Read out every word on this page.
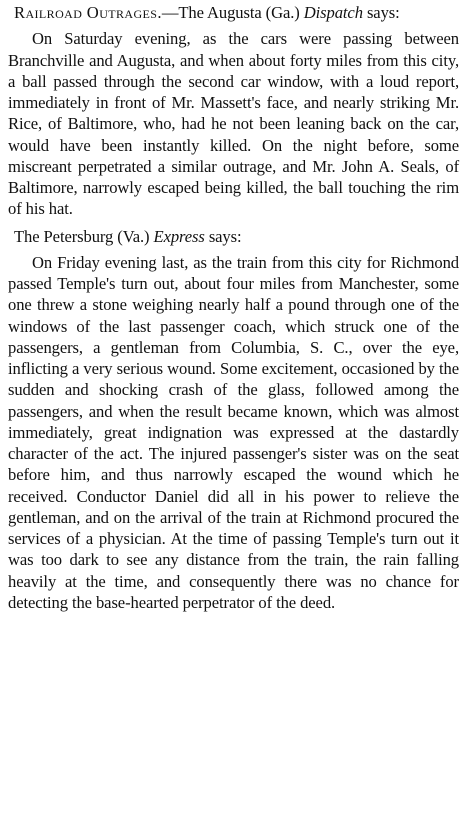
Railroad Outrages.—The Augusta (Ga.) Dispatch says:

On Saturday evening, as the cars were passing between Branchville and Augusta, and when about forty miles from this city, a ball passed through the second car window, with a loud report, immediately in front of Mr. Massett's face, and nearly striking Mr. Rice, of Baltimore, who, had he not been leaning back on the car, would have been instantly killed. On the night before, some miscreant perpetrated a similar outrage, and Mr. John A. Seals, of Baltimore, narrowly escaped being killed, the ball touching the rim of his hat.

The Petersburg (Va.) Express says:

On Friday evening last, as the train from this city for Richmond passed Temple's turn out, about four miles from Manchester, some one threw a stone weighing nearly half a pound through one of the windows of the last passenger coach, which struck one of the passengers, a gentleman from Columbia, S. C., over the eye, inflicting a very serious wound. Some excitement, occasioned by the sudden and shocking crash of the glass, followed among the passengers, and when the result became known, which was almost immediately, great indignation was expressed at the dastardly character of the act. The injured passenger's sister was on the seat before him, and thus narrowly escaped the wound which he received. Conductor Daniel did all in his power to relieve the gentleman, and on the arrival of the train at Richmond procured the services of a physician. At the time of passing Temple's turn out it was too dark to see any distance from the train, the rain falling heavily at the time, and consequently there was no chance for detecting the base-hearted perpetrator of the deed.
